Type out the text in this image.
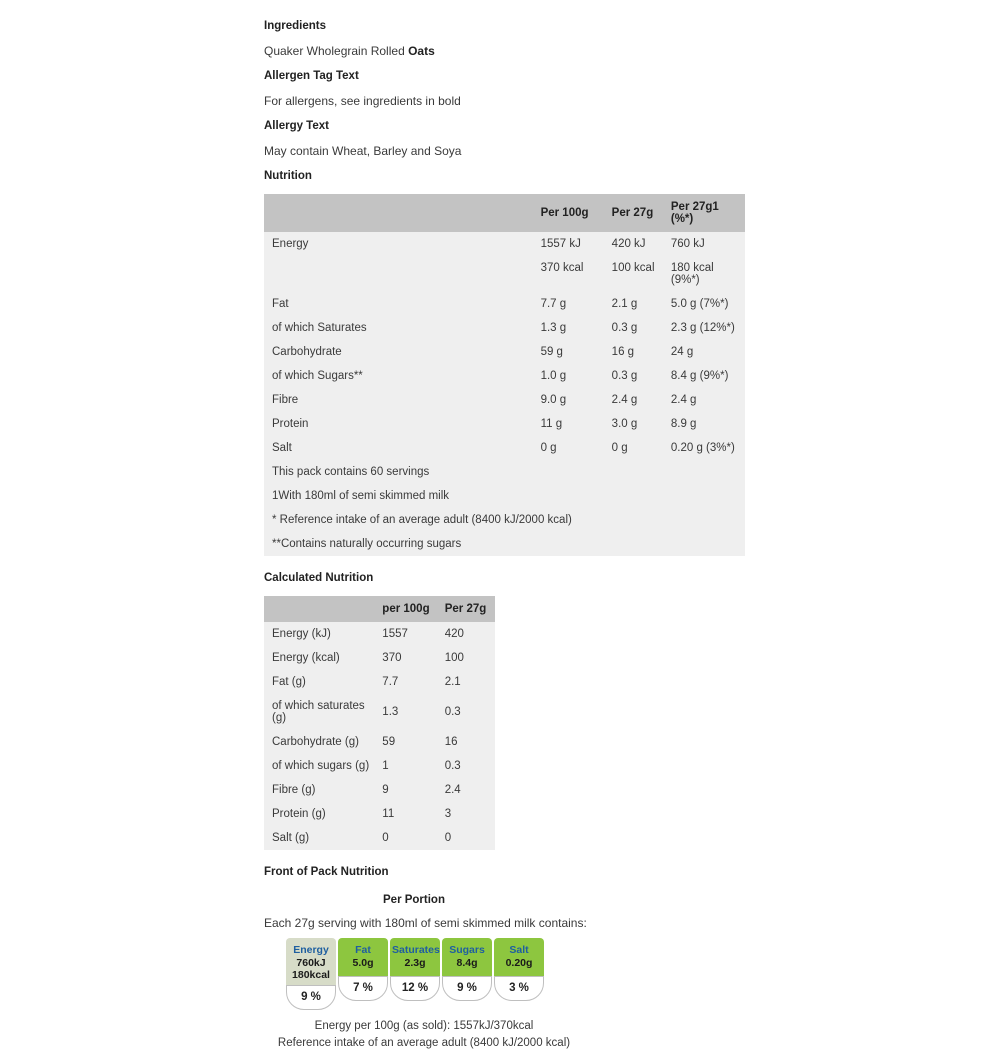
Ingredients
Quaker Wholegrain Rolled Oats
Allergen Tag Text
For allergens, see ingredients in bold
Allergy Text
May contain Wheat, Barley and Soya
Nutrition
	Per 100g	Per 27g	Per 27g1 (%*)
Energy	1557 kJ	420 kJ	760 kJ
	370 kcal	100 kcal	180 kcal (9%*)
Fat	7.7 g	2.1 g	5.0 g (7%*)
of which Saturates	1.3 g	0.3 g	2.3 g (12%*)
Carbohydrate	59 g	16 g	24 g
of which Sugars**	1.0 g	0.3 g	8.4 g (9%*)
Fibre	9.0 g	2.4 g	2.4 g
Protein	11 g	3.0 g	8.9 g
Salt	0 g	0 g	0.20 g (3%*)
This pack contains 60 servings			
1With 180ml of semi skimmed milk			
* Reference intake of an average adult (8400 kJ/2000 kcal)			
**Contains naturally occurring sugars			
Calculated Nutrition
	per 100g	Per 27g
Energy (kJ)	1557	420
Energy (kcal)	370	100
Fat (g)	7.7	2.1
of which saturates (g)	1.3	0.3
Carbohydrate (g)	59	16
of which sugars (g)	1	0.3
Fibre (g)	9	2.4
Protein (g)	11	3
Salt (g)	0	0
Front of Pack Nutrition
Per Portion
Each 27g serving with 180ml of semi skimmed milk contains:
Energy
760kJ
180kcal
9 %
Fat
5.0g
7 %
Saturates
2.3g
12 %
Sugars
8.4g
9 %
Salt
0.20g
3 %
Energy per 100g (as sold): 1557kJ/370kcal
Reference intake of an average adult (8400 kJ/2000 kcal)
